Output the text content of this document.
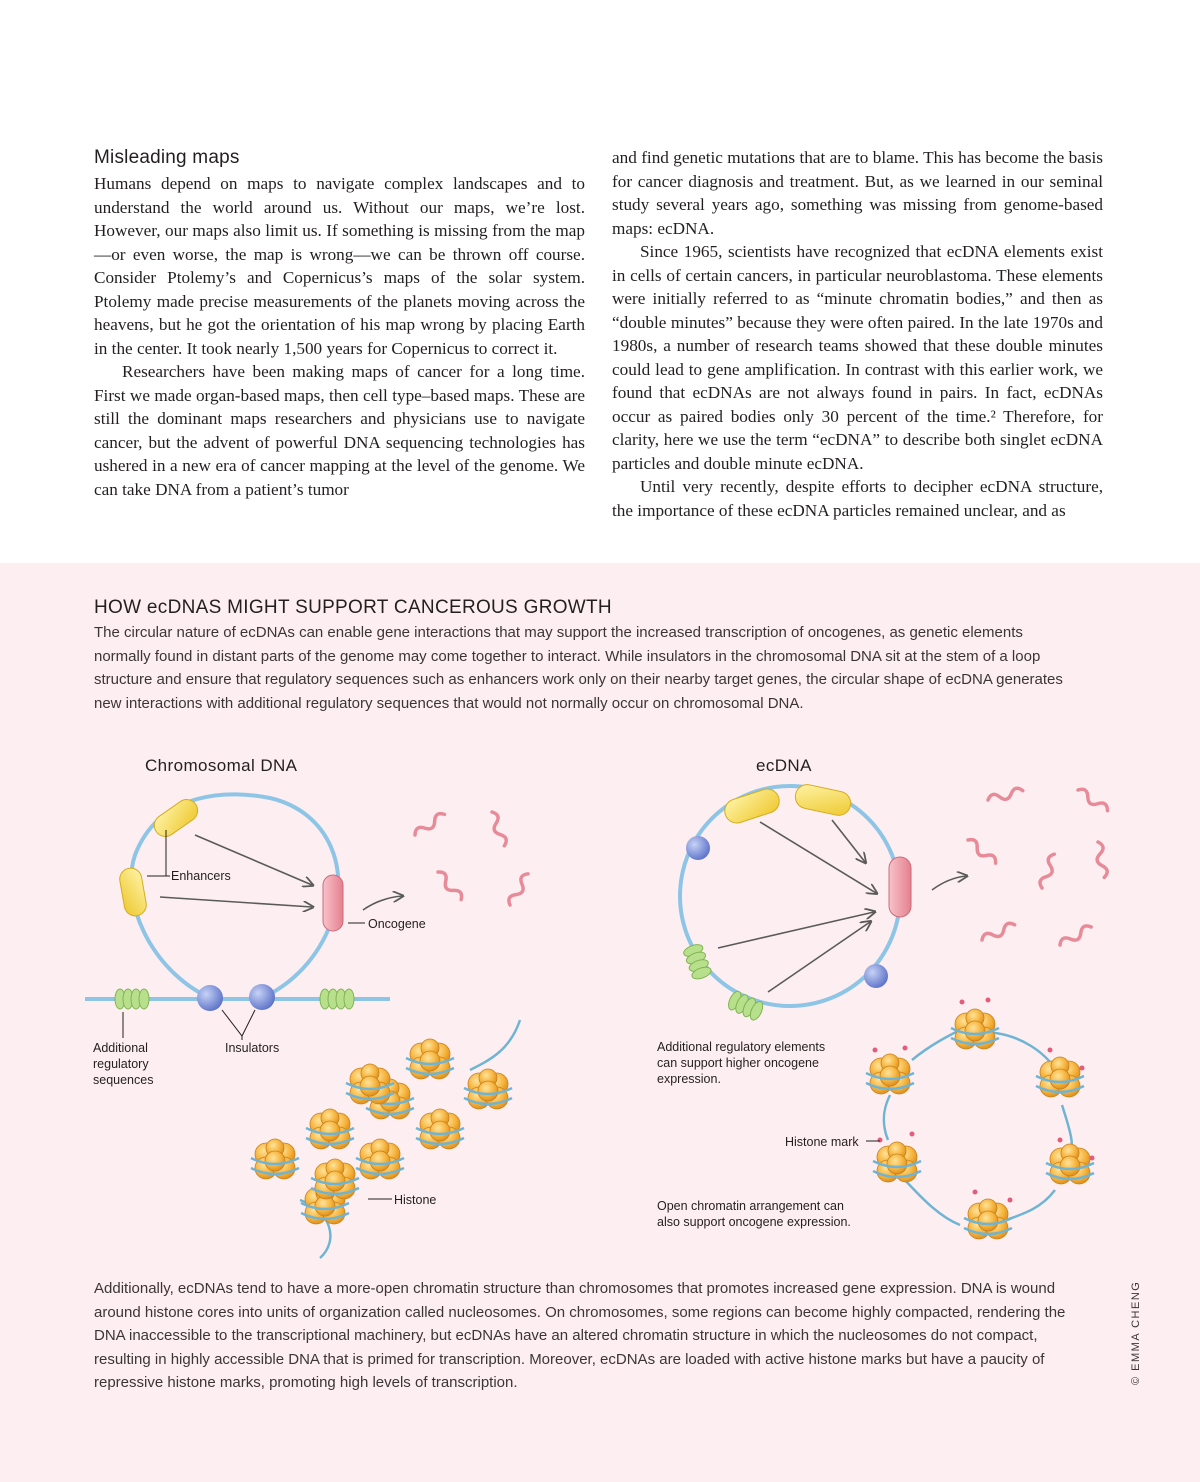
Misleading maps

Humans depend on maps to navigate complex landscapes and to understand the world around us. Without our maps, we’re lost. However, our maps also limit us. If something is missing from the map—or even worse, the map is wrong—we can be thrown off course. Consider Ptolemy’s and Copernicus’s maps of the solar system. Ptolemy made precise measurements of the planets moving across the heavens, but he got the orientation of his map wrong by placing Earth in the center. It took nearly 1,500 years for Copernicus to correct it.

Researchers have been making maps of cancer for a long time. First we made organ-based maps, then cell type–based maps. These are still the dominant maps researchers and physicians use to navigate cancer, but the advent of powerful DNA sequencing technologies has ushered in a new era of cancer mapping at the level of the genome. We can take DNA from a patient’s tumor

and find genetic mutations that are to blame. This has become the basis for cancer diagnosis and treatment. But, as we learned in our seminal study several years ago, something was missing from genome-based maps: ecDNA.

Since 1965, scientists have recognized that ecDNA elements exist in cells of certain cancers, in particular neuroblastoma. These elements were initially referred to as “minute chromatin bodies,” and then as “double minutes” because they were often paired. In the late 1970s and 1980s, a number of research teams showed that these double minutes could lead to gene amplification. In contrast with this earlier work, we found that ecDNAs are not always found in pairs. In fact, ecDNAs occur as paired bodies only 30 percent of the time.² Therefore, for clarity, here we use the term “ecDNA” to describe both singlet ecDNA particles and double minute ecDNA.

Until very recently, despite efforts to decipher ecDNA structure, the importance of these ecDNA particles remained unclear, and as

HOW ecDNAS MIGHT SUPPORT CANCEROUS GROWTH

The circular nature of ecDNAs can enable gene interactions that may support the increased transcription of oncogenes, as genetic elements normally found in distant parts of the genome may come together to interact. While insulators in the chromosomal DNA sit at the stem of a loop structure and ensure that regulatory sequences such as enhancers work only on their nearby target genes, the circular shape of ecDNA generates new interactions with additional regulatory sequences that would not normally occur on chromosomal DNA.

Additionally, ecDNAs tend to have a more-open chromatin structure than chromosomes that promotes increased gene expression. DNA is wound around histone cores into units of organization called nucleosomes. On chromosomes, some regions can become highly compacted, rendering the DNA inaccessible to the transcriptional machinery, but ecDNAs have an altered chromatin structure in which the nucleosomes do not compact, resulting in highly accessible DNA that is primed for transcription. Moreover, ecDNAs are loaded with active histone marks but have a paucity of repressive histone marks, promoting high levels of transcription.

Chromosomal DNA	ecDNA
Enhancers
Oncogene
Additional regulatory sequences
Insulators
Histone
Additional regulatory elements can support higher oncogene expression.
Histone mark
Open chromatin arrangement can also support oncogene expression.
© EMMA CHENG
